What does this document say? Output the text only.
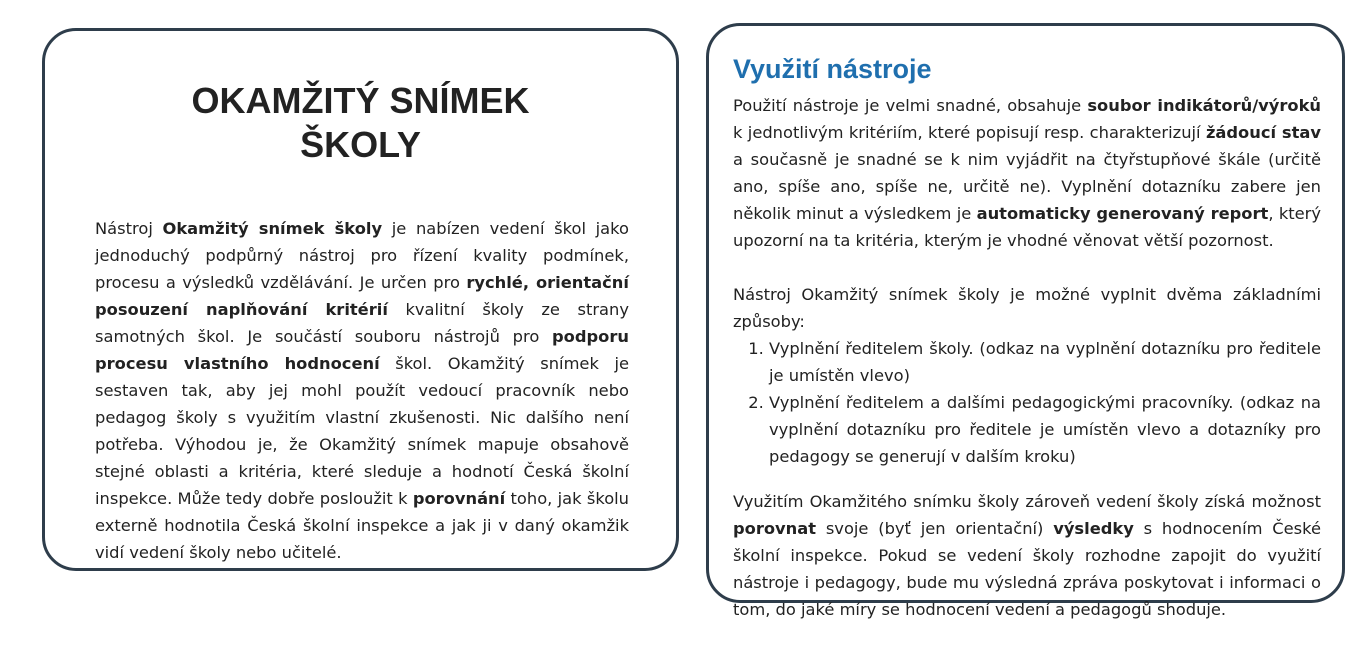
OKAMŽITÝ SNÍMEK
ŠKOLY

Nástroj Okamžitý snímek školy je nabízen vedení škol jako jednoduchý podpůrný nástroj pro řízení kvality podmínek, procesu a výsledků vzdělávání. Je určen pro rychlé, orientační posouzení naplňování kritérií kvalitní školy ze strany samotných škol. Je součástí souboru nástrojů pro podporu procesu vlastního hodnocení škol. Okamžitý snímek je sestaven tak, aby jej mohl použít vedoucí pracovník nebo pedagog školy s využitím vlastní zkušenosti. Nic dalšího není potřeba. Výhodou je, že Okamžitý snímek mapuje obsahově stejné oblasti a kritéria, které sleduje a hodnotí Česká školní inspekce. Může tedy dobře posloužit k porovnání toho, jak školu externě hodnotila Česká školní inspekce a jak ji v daný okamžik vidí vedení školy nebo učitelé.

Využití nástroje

Použití nástroje je velmi snadné, obsahuje soubor indikátorů/výroků k jednotlivým kritériím, které popisují resp. charakterizují žádoucí stav a současně je snadné se k nim vyjádřit na čtyřstupňové škále (určitě ano, spíše ano, spíše ne, určitě ne). Vyplnění dotazníku zabere jen několik minut a výsledkem je automaticky generovaný report, který upozorní na ta kritéria, kterým je vhodné věnovat větší pozornost.

Nástroj Okamžitý snímek školy je možné vyplnit dvěma základními způsoby:

1. Vyplnění ředitelem školy. (odkaz na vyplnění dotazníku pro ředitele je umístěn vlevo)
2. Vyplnění ředitelem a dalšími pedagogickými pracovníky. (odkaz na vyplnění dotazníku pro ředitele je umístěn vlevo a dotazníky pro pedagogy se generují v dalším kroku)

Využitím Okamžitého snímku školy zároveň vedení školy získá možnost porovnat svoje (byť jen orientační) výsledky s hodnocením České školní inspekce. Pokud se vedení školy rozhodne zapojit do využití nástroje i pedagogy, bude mu výsledná zpráva poskytovat i informaci o tom, do jaké míry se hodnocení vedení a pedagogů shoduje.
